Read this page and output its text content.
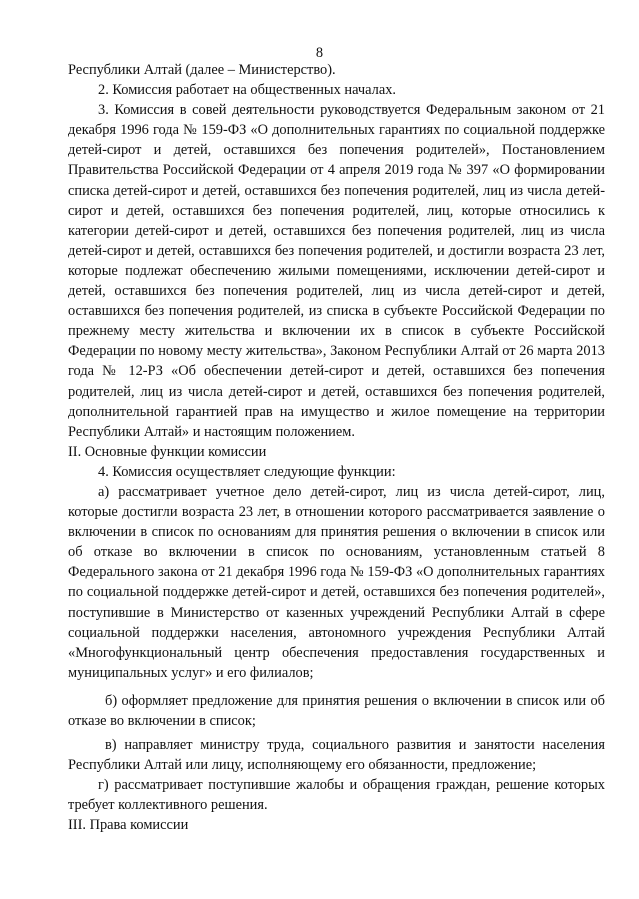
8

Республики Алтай (далее – Министерство).

2. Комиссия работает на общественных началах.

3. Комиссия в совей деятельности руководствуется Федеральным законом от 21 декабря 1996 года № 159-ФЗ «О дополнительных гарантиях по социальной поддержке детей-сирот и детей, оставшихся без попечения родителей», Постановлением Правительства Российской Федерации от 4 апреля 2019 года № 397 «О формировании списка детей-сирот и детей, оставшихся без попечения родителей, лиц из числа детей-сирот и детей, оставшихся без попечения родителей, лиц, которые относились к категории детей-сирот и детей, оставшихся без попечения родителей, лиц из числа детей-сирот и детей, оставшихся без попечения родителей, и достигли возраста 23 лет, которые подлежат обеспечению жилыми помещениями, исключении детей-сирот и детей, оставшихся без попечения родителей, лиц из числа детей-сирот и детей, оставшихся без попечения родителей, из списка в субъекте Российской Федерации по прежнему месту жительства и включении их в список в субъекте Российской Федерации по новому месту жительства», Законом Республики Алтай от 26 марта 2013 года № 12-РЗ «Об обеспечении детей-сирот и детей, оставшихся без попечения родителей, лиц из числа детей-сирот и детей, оставшихся без попечения родителей, дополнительной гарантией прав на имущество и жилое помещение на территории Республики Алтай» и настоящим положением.

II. Основные функции комиссии

4. Комиссия осуществляет следующие функции:

а) рассматривает учетное дело детей-сирот, лиц из числа детей-сирот, лиц, которые достигли возраста 23 лет, в отношении которого рассматривается заявление о включении в список по основаниям для принятия решения о включении в список или об отказе во включении в список по основаниям, установленным статьей 8 Федерального закона от 21 декабря 1996 года № 159-ФЗ «О дополнительных гарантиях по социальной поддержке детей-сирот и детей, оставшихся без попечения родителей», поступившие в Министерство от казенных учреждений Республики Алтай в сфере социальной поддержки населения, автономного учреждения Республики Алтай «Многофункциональный центр обеспечения предоставления государственных и муниципальных услуг» и его филиалов;

б) оформляет предложение для принятия решения о включении в список или об отказе во включении в список;

в) направляет министру труда, социального развития и занятости населения Республики Алтай или лицу, исполняющему его обязанности, предложение;

г) рассматривает поступившие жалобы и обращения граждан, решение которых требует коллективного решения.

III. Права комиссии
